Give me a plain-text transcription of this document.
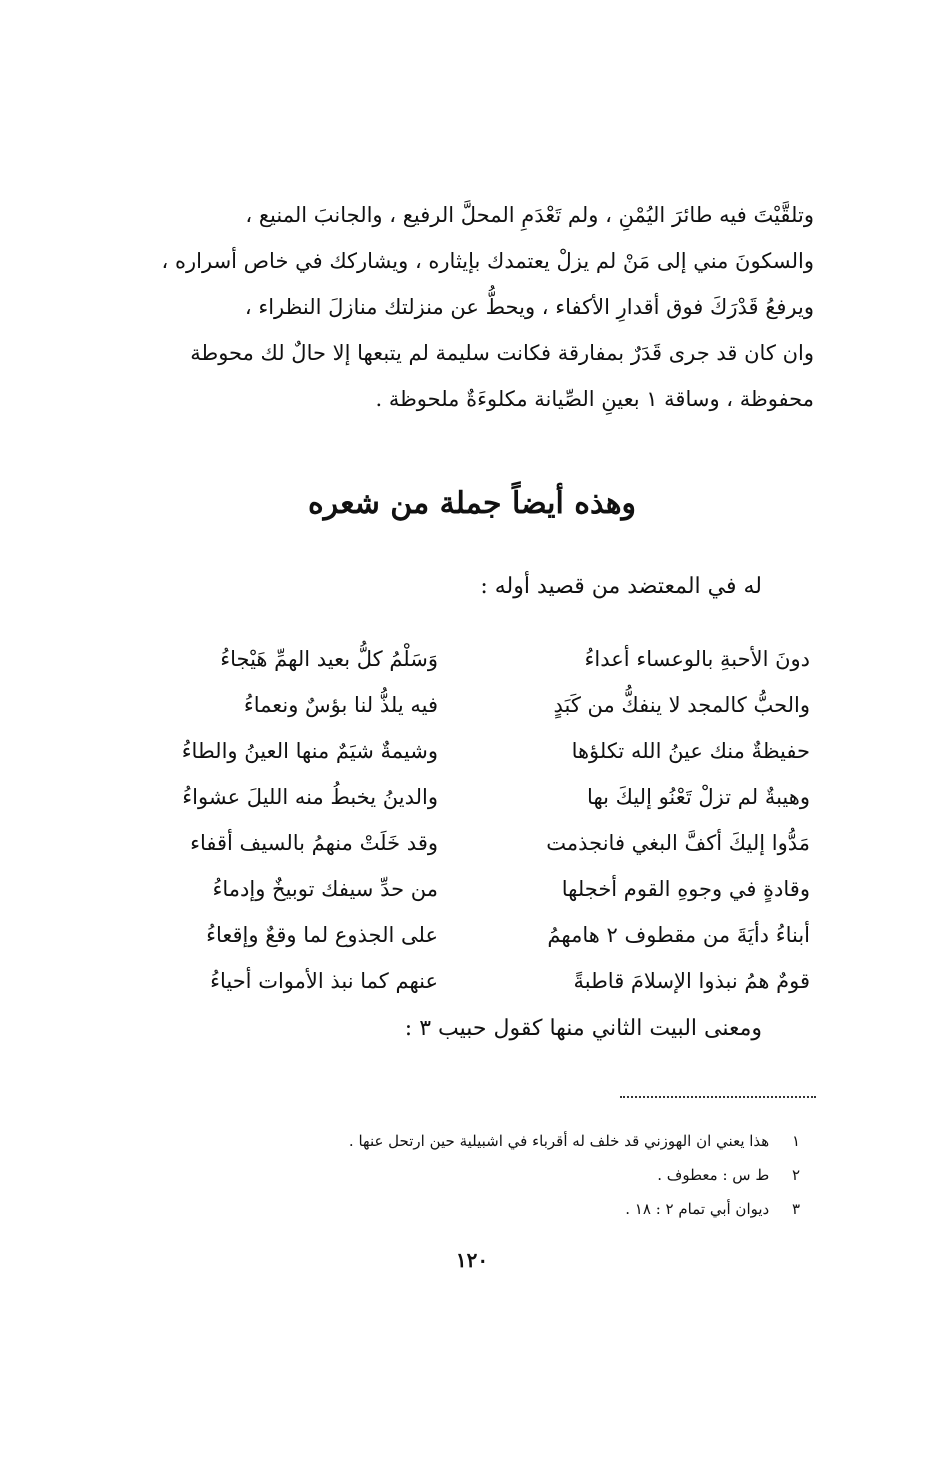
وتلقَّيْتَ فيه طائرَ اليُمْنِ ، ولم تَعْدَمِ المحلَّ الرفيع ، والجانبَ المنيع ،

والسكونَ مني إلى مَنْ لم يزلْ يعتمدك بإيثاره ، ويشاركك في خاص أسراره ،

ويرفعُ قَدْرَكَ فوق أقدارِ الأكفاء ، ويحطُّ عن منزلتك منازلَ النظراء ،

وان كان قد جرى قَدَرٌ بمفارقة فكانت سليمة لم يتبعها إلا حالٌ لك محوطة

محفوظة ، وساقة ١ بعينِ الصِّيانة مكلوءَةٌ ملحوظة .

وهذه أيضاً جملة من شعره
له في المعتضد من قصيد أوله :
دونَ الأحبةِ بالوعساء أعداءُ
وَسَلْمُ كلُّ بعيد الهمِّ هَيْجاءُ
والحبُّ كالمجد لا ينفكُّ من كَبَدٍ
فيه يلذُّ لنا بؤسٌ ونعماءُ
حفيظةٌ منك عينُ الله تكلؤها
وشيمةٌ شيَمٌ منها العينُ والطاءُ
وهيبةٌ لم تزلْ تَعْنُو إليكَ بها
والدينُ يخبطُ منه الليلَ عشواءُ
مَدُّوا إليكَ أكفَّ البغي فانجذمت
وقد خَلَتْ منهمُ بالسيف أقفاء
وقادةٍ في وجوهِ القوم أخجلها
من حدِّ سيفك توبيخٌ وإدماءُ
أبناءُ دأيَةَ من مقطوف ٢ هامهمُ
على الجذوع لما وقعٌ وإقعاءُ
قومٌ همُ نبذوا الإسلامَ قاطبةً
عنهم كما نبذ الأموات أحياءُ
ومعنى البيت الثاني منها كقول حبيب ٣ :
١ هذا يعني ان الهوزني قد خلف له أقرباء في اشبيلية حين ارتحل عنها .
٢ ط س : معطوف .
٣ ديوان أبي تمام ٢ : ١٨ .
١٢٠
